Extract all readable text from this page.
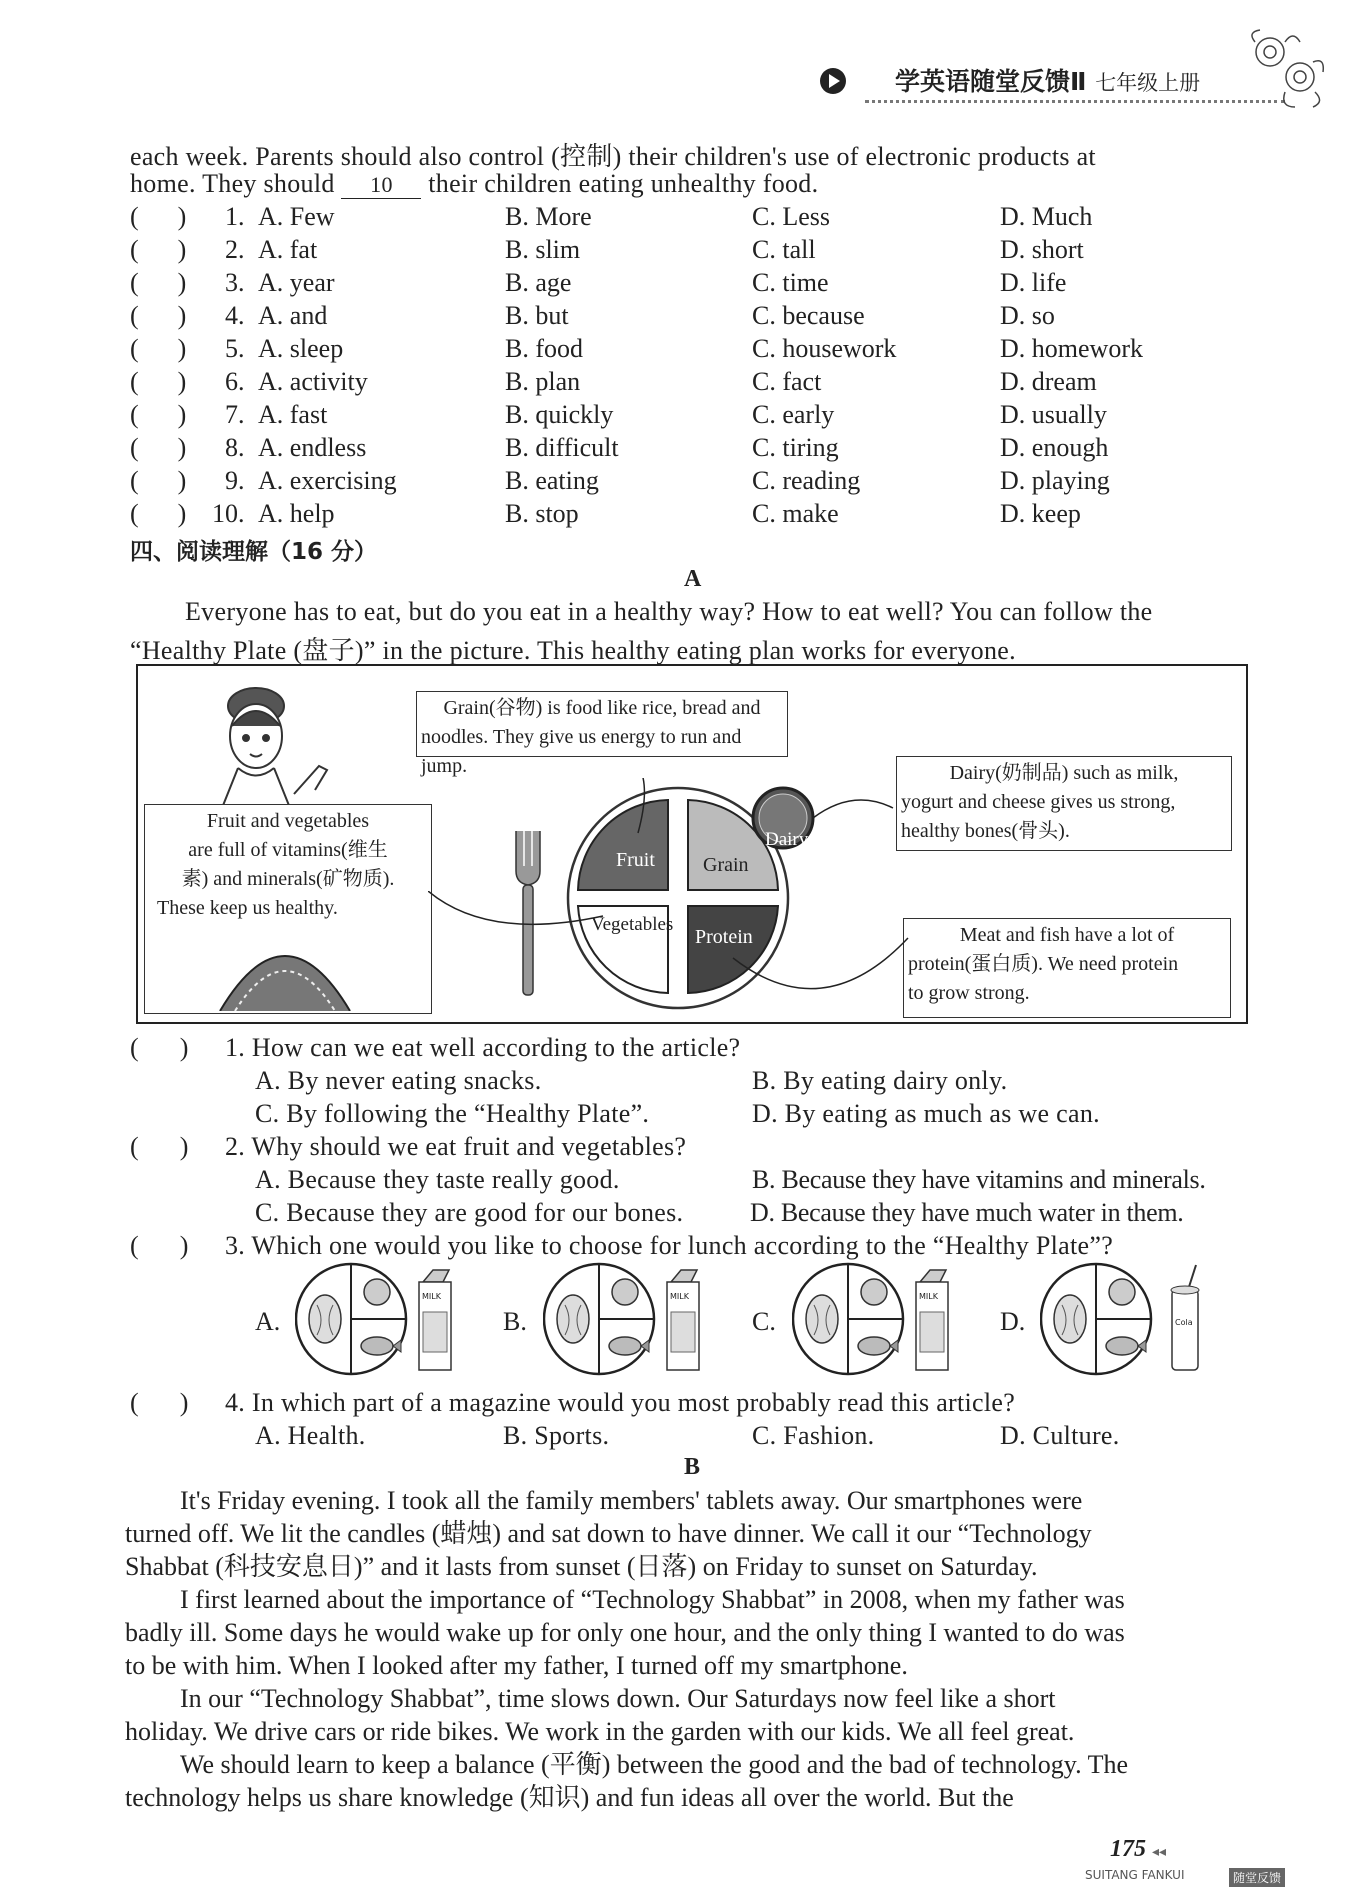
学英语随堂反馈Ⅱ 七年级上册
each week. Parents should also control (控制) their children's use of electronic products at
home. They should 10 their children eating unhealthy food.
(      ) 1. A. Few	B. More	C. Less	D. Much
(      ) 2. A. fat	B. slim	C. tall	D. short
(      ) 3. A. year	B. age	C. time	D. life
(      ) 4. A. and	B. but	C. because	D. so
(      ) 5. A. sleep	B. food	C. housework	D. homework
(      ) 6. A. activity	B. plan	C. fact	D. dream
(      ) 7. A. fast	B. quickly	C. early	D. usually
(      ) 8. A. endless	B. difficult	C. tiring	D. enough
(      ) 9. A. exercising	B. eating	C. reading	D. playing
(      ) 10. A. help	B. stop	C. make	D. keep
四、阅读理解（16 分）
A
Everyone has to eat, but do you eat in a healthy way? How to eat well? You can follow the
“Healthy Plate (盘子)” in the picture. This healthy eating plan works for everyone.
Grain(谷物) is food like rice, bread and
noodles. They give us energy to run and jump.	Dairy(奶制品) such as milk,
yogurt and cheese gives us strong,
healthy bones(骨头).
Fruit and vegetables
are full of vitamins(维生
素) and minerals(矿物质).
These keep us healthy.
Meat and fish have a lot of
protein(蛋白质). We need protein
to grow strong.
Fruit Grain
Vegetables
Protein
Dairy
(      ) 1. How can we eat well according to the article?
A. By never eating snacks.	B. By eating dairy only.
C. By following the “Healthy Plate”.	D. By eating as much as we can.
(      ) 2. Why should we eat fruit and vegetables?
A. Because they taste really good.	B. Because they have vitamins and minerals.
C. Because they are good for our bones.	D. Because they have much water in them.
(      ) 3. Which one would you like to choose for lunch according to the “Healthy Plate”?
A.
MILK
B.
MILK
C.
MILK
D.	Cola
(      ) 4. In which part of a magazine would you most probably read this article?
A. Health.	B. Sports.	C. Fashion.	D. Culture.
B

It's Friday evening. I took all the family members' tablets away. Our smartphones were

turned off. We lit the candles (蜡烛) and sat down to have dinner. We call it our “Technology

Shabbat (科技安息日)” and it lasts from sunset (日落) on Friday to sunset on Saturday.

I first learned about the importance of “Technology Shabbat” in 2008, when my father was

badly ill. Some days he would wake up for only one hour, and the only thing I wanted to do was

to be with him. When I looked after my father, I turned off my smartphone.

In our “Technology Shabbat”, time slows down. Our Saturdays now feel like a short

holiday. We drive cars or ride bikes. We work in the garden with our kids. We all feel great.

We should learn to keep a balance (平衡) between the good and the bad of technology. The

technology helps us share knowledge (知识) and fun ideas all over the world. But the

175 ◂◂
SUITANG FANKUI	随堂反馈
